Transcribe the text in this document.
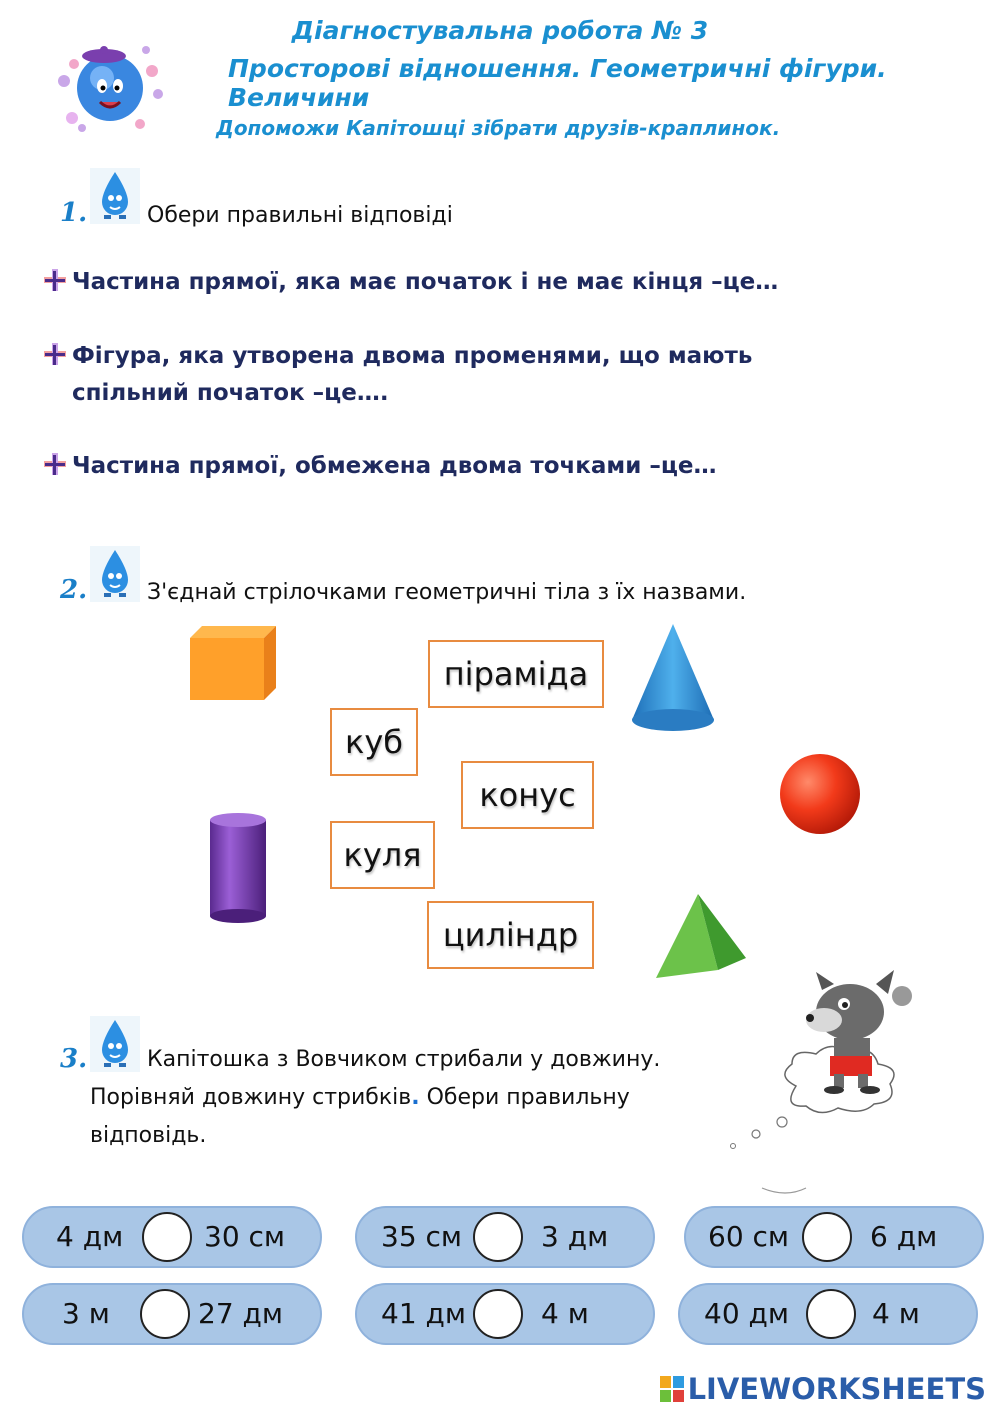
Діагностувальна робота № 3
Просторові відношення. Геометричні фігури. Величини
Допоможи Капітошці зібрати друзів-краплинок.
1.	Обери правильні відповіді
Частина прямої, яка має початок і не має кінця –це…
Фігура, яка утворена двома променями, що мають
спільний початок –це….
Частина прямої, обмежена двома точками –це…
2.	З'єднай стрілочками геометричні тіла з їх назвами.
піраміда
куб
конус
куля
циліндр
3.	Капітошка з Вовчиком стрибали у довжину.
Порівняй довжину стрибків. Обери правильну
відповідь.
4 дм	30 см	35 см	3 дм	60 см	6 дм
3 м	27 дм	41 дм	4 м	40 дм	4 м
LIVEWORKSHEETS
